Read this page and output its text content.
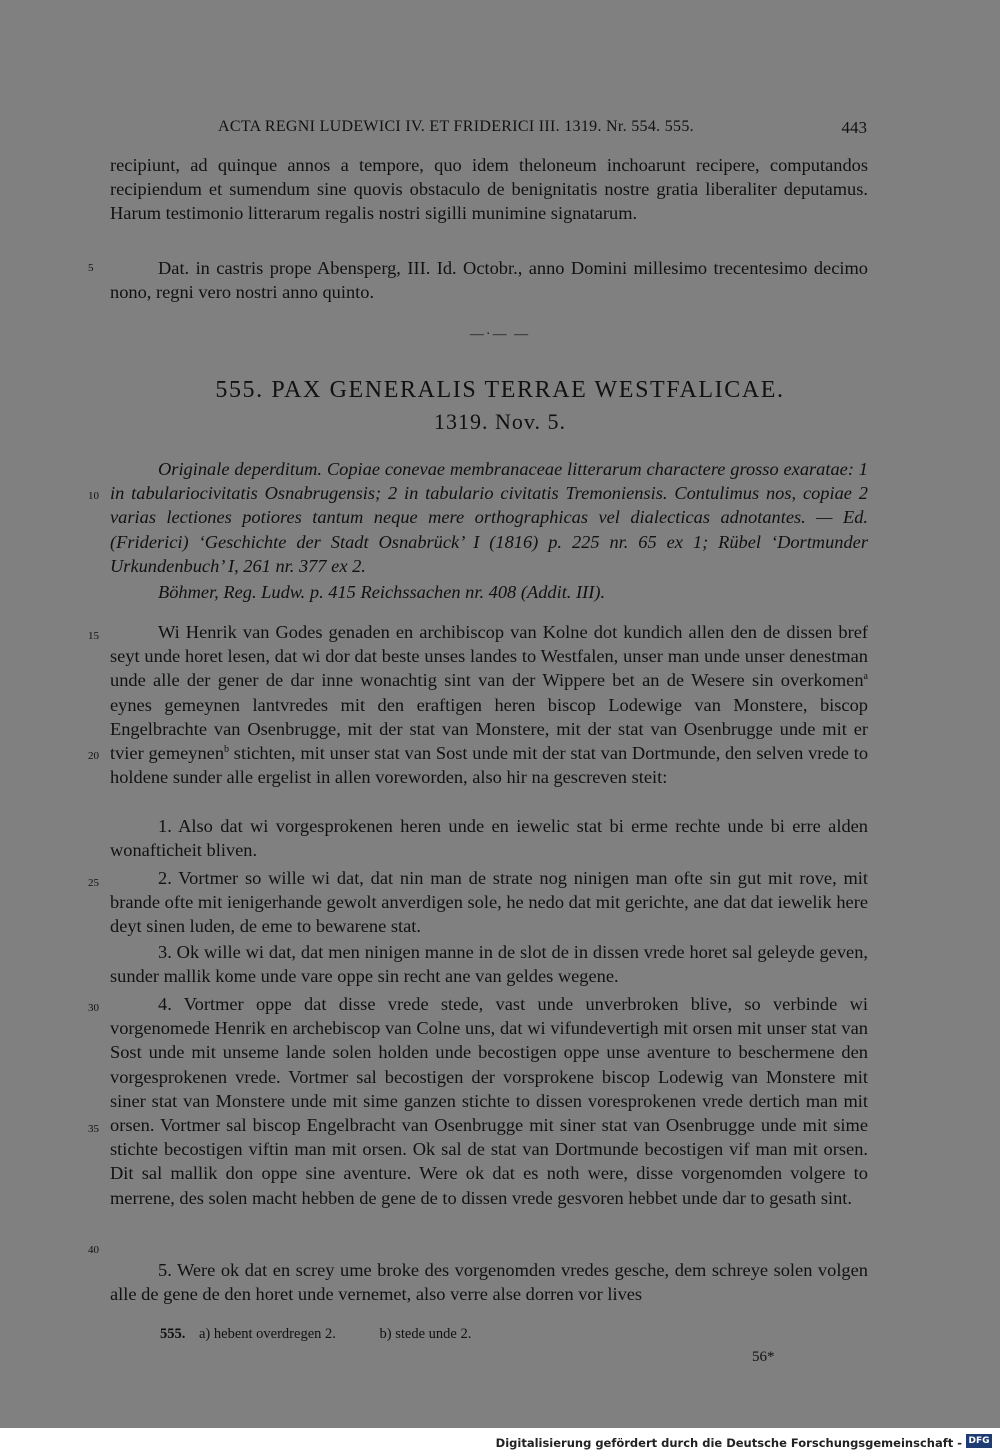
ACTA REGNI LUDEWICI IV. ET FRIDERICI III. 1319. Nr. 554. 555.	443
recipiunt, ad quinque annos a tempore, quo idem theloneum inchoarunt recipere, computandos recipiendum et sumendum sine quovis obstaculo de benignitatis nostre gratia liberaliter deputamus. Harum testimonio litterarum regalis nostri sigilli munimine signatarum.
5	Dat. in castris prope Abensperg, III. Id. Octobr., anno Domini millesimo trecentesimo decimo nono, regni vero nostri anno quinto.
—·— —
555. PAX GENERALIS TERRAE WESTFALICAE.
1319. Nov. 5.
10
Originale deperditum. Copiae conevae membranaceae litterarum charactere grosso exaratae: 1 in tabulariocivitatis Osnabrugensis; 2 in tabulario civitatis Tremoniensis. Contulimus nos, copiae 2 varias lectiones potiores tantum neque mere orthographicas vel dialecticas adnotantes. — Ed. (Friderici) ‘Geschichte der Stadt Osnabrück’ I (1816) p. 225 nr. 65 ex 1; Rübel ‘Dortmunder Urkundenbuch’ I, 261 nr. 377 ex 2.
Böhmer, Reg. Ludw. p. 415 Reichssachen nr. 408 (Addit. III).
15
20
Wi Henrik van Godes genaden en archibiscop van Kolne dot kundich allen den de dissen bref seyt unde horet lesen, dat wi dor dat beste unses landes to Westfalen, unser man unde unser denestman unde alle der gener de dar inne wonachtig sint van der Wippere bet an de Wesere sin overkomen$^a$ eynes gemeynen lantvredes mit den eraftigen heren biscop Lodewige van Monstere, biscop Engelbrachte van Osenbrugge, mit der stat van Monstere, mit der stat van Osenbrugge unde mit er tvier gemeynen$^b$ stichten, mit unser stat van Sost unde mit der stat van Dortmunde, den selven vrede to holdene sunder alle ergelist in allen voreworden, also hir na gescreven steit:
1. Also dat wi vorgesprokenen heren unde en iewelic stat bi erme rechte unde bi erre alden wonafticheit bliven.
25	2. Vortmer so wille wi dat, dat nin man de strate nog ninigen man ofte sin gut mit rove, mit brande ofte mit ienigerhande gewolt anverdigen sole, he nedo dat mit gerichte, ane dat dat iewelik here deyt sinen luden, de eme to bewarene stat.
3. Ok wille wi dat, dat men ninigen manne in de slot de in dissen vrede horet sal geleyde geven, sunder mallik kome unde vare oppe sin recht ane van geldes wegene.
30
35
40
4. Vortmer oppe dat disse vrede stede, vast unde unverbroken blive, so verbinde wi vorgenomede Henrik en archebiscop van Colne uns, dat wi vifundevertigh mit orsen mit unser stat van Sost unde mit unseme lande solen holden unde becostigen oppe unse aventure to beschermene den vorgesprokenen vrede. Vortmer sal becostigen der vorsprokene biscop Lodewig van Monstere mit siner stat van Monstere unde mit sime ganzen stichte to dissen voresprokenen vrede dertich man mit orsen. Vortmer sal biscop Engelbracht van Osenbrugge mit siner stat van Osenbrugge unde mit sime stichte becostigen viftin man mit orsen. Ok sal de stat van Dortmunde becostigen vif man mit orsen. Dit sal mallik don oppe sine aventure. Were ok dat es noth were, disse vorgenomden volgere to merrene, des solen macht hebben de gene de to dissen vrede gesvoren hebbet unde dar to gesath sint.
5. Were ok dat en screy ume broke des vorgenomden vredes gesche, dem schreye solen volgen alle de gene de den horet unde vernemet, also verre alse dorren vor lives
555. a) hebent overdregen 2.	b) stede unde 2.
56*
Digitalisierung gefördert durch die Deutsche Forschungsgemeinschaft - DFG
